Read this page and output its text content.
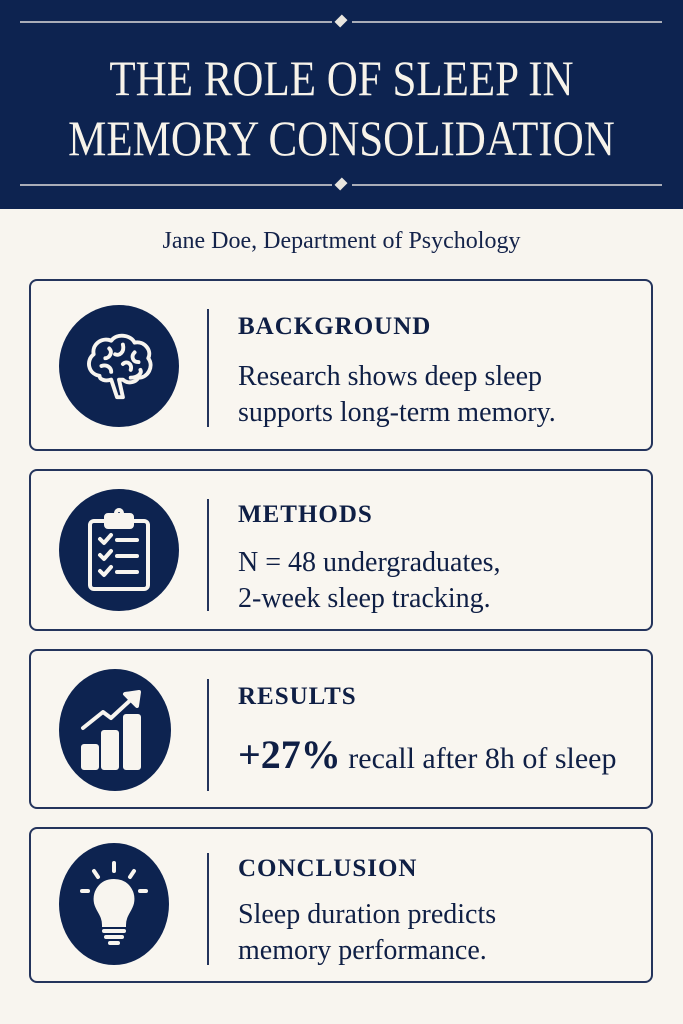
THE ROLE OF SLEEP IN
MEMORY CONSOLIDATION
Jane Doe, Department of Psychology
BACKGROUND
Research shows deep sleep
supports long-term memory.
METHODS
N = 48 undergraduates,
2-week sleep tracking.
RESULTS
+27% recall after 8h of sleep
CONCLUSION
Sleep duration predicts
memory performance.
